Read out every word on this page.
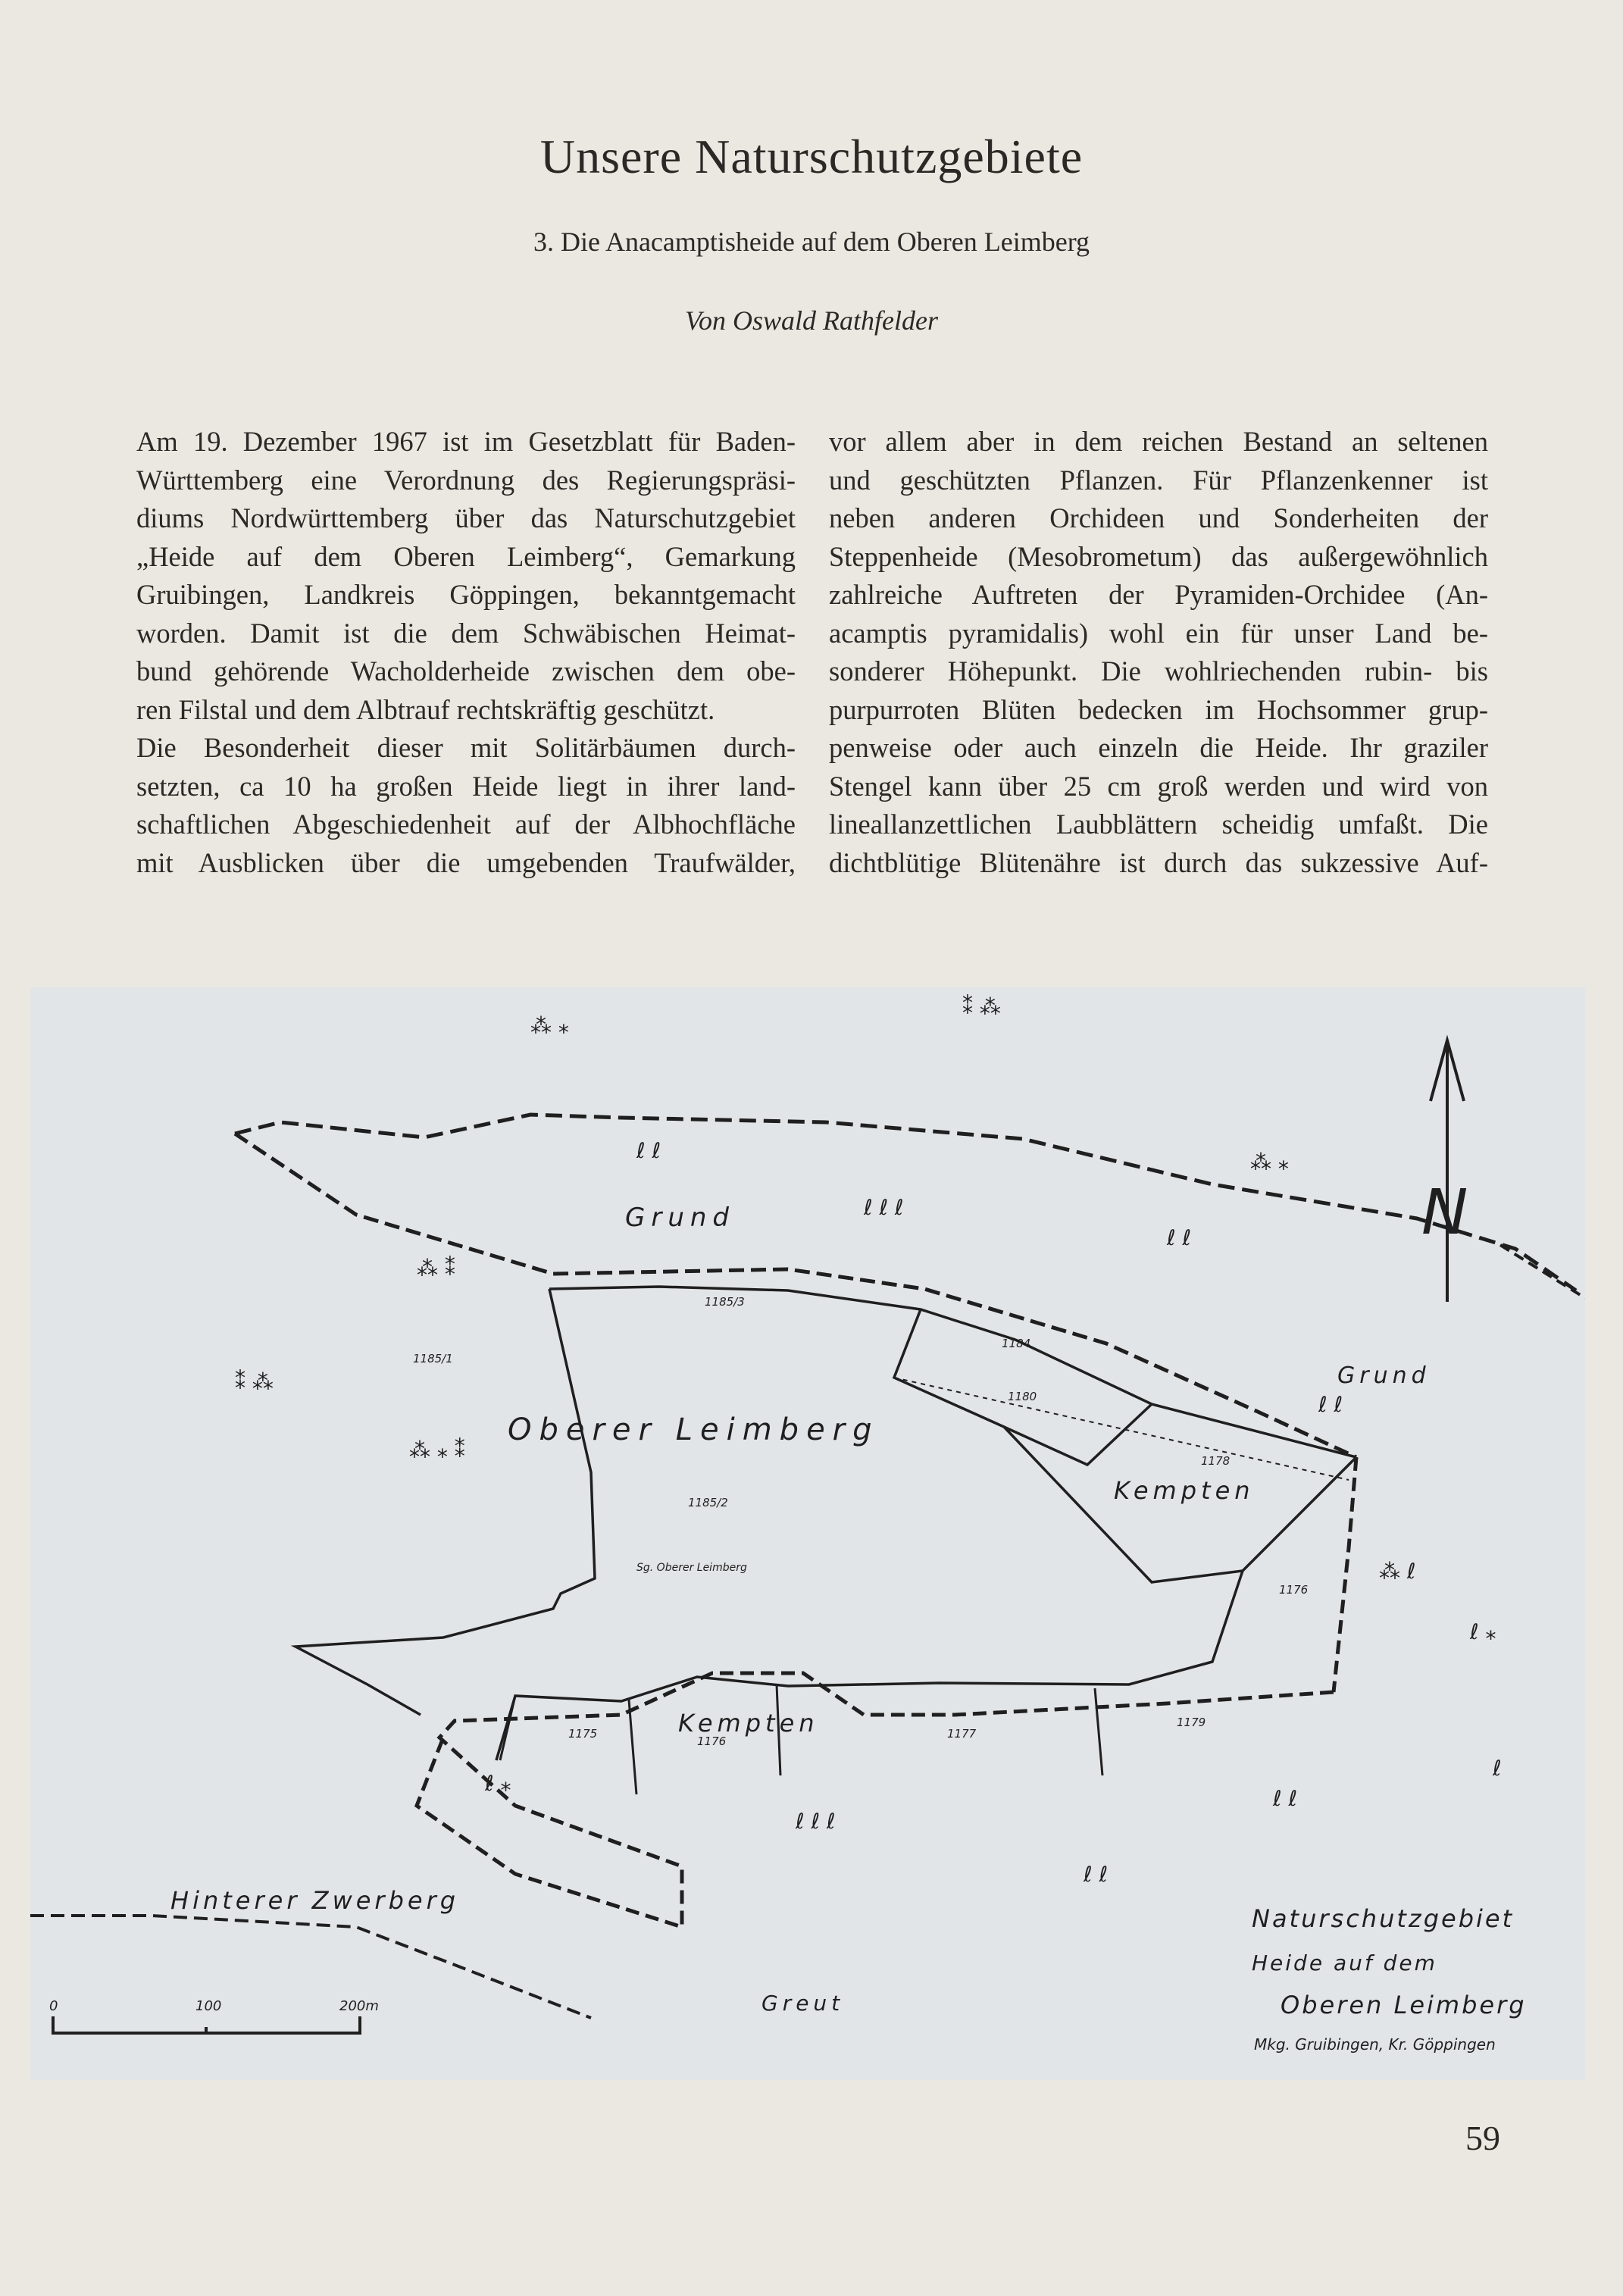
Unsere Naturschutzgebiete
3. Die Anacamptisheide auf dem Oberen Leimberg
Von Oswald Rathfelder
Am 19. Dezember 1967 ist im Gesetzblatt für Baden-
Württemberg eine Verordnung des Regierungspräsi-
diums Nordwürttemberg über das Naturschutzgebiet
„Heide auf dem Oberen Leimberg“, Gemarkung
Gruibingen, Landkreis Göppingen, bekanntgemacht
worden. Damit ist die dem Schwäbischen Heimat-
bund gehörende Wacholderheide zwischen dem obe-
ren Filstal und dem Albtrauf rechtskräftig geschützt.
Die Besonderheit dieser mit Solitärbäumen durch-
setzten, ca 10 ha großen Heide liegt in ihrer land-
schaftlichen Abgeschiedenheit auf der Albhochfläche
mit Ausblicken über die umgebenden Traufwälder,
vor allem aber in dem reichen Bestand an seltenen
und geschützten Pflanzen. Für Pflanzenkenner ist
neben anderen Orchideen und Sonderheiten der
Steppenheide (Mesobrometum) das außergewöhnlich
zahlreiche Auftreten der Pyramiden-Orchidee (An-
acamptis pyramidalis) wohl ein für unser Land be-
sonderer Höhepunkt. Die wohlriechenden rubin- bis
purpurroten Blüten bedecken im Hochsommer grup-
penweise oder auch einzeln die Heide. Ihr graziler
Stengel kann über 25 cm groß werden und wird von
lineallanzettlichen Laubblättern scheidig umfaßt. Die
dichtblütige Blütenähre ist durch das sukzessive Auf-
N
⁂ ⁎
⁑ ⁂
⁂ ⁎
⁂ ⁑
⁑ ⁂
⁂ ⁎ ⁑
ℓ ℓ
ℓ ℓ ℓ
ℓ ℓ
ℓ ℓ
⁂ ℓ
ℓ ⁎
ℓ ⁎
ℓ ℓ ℓ
ℓ ℓ
ℓ ℓ
ℓ
Grund
Grund
Oberer Leimberg
Kempten
Kempten
Hinterer Zwerberg
Greut
Sg. Oberer Leimberg
1185/3
1185/1
1185/2
1184
1180
1178
1175
1176
1177
1179
1176
0	100	200m
Naturschutzgebiet
Heide auf dem
Oberen Leimberg
Mkg. Gruibingen, Kr. Göppingen
59
